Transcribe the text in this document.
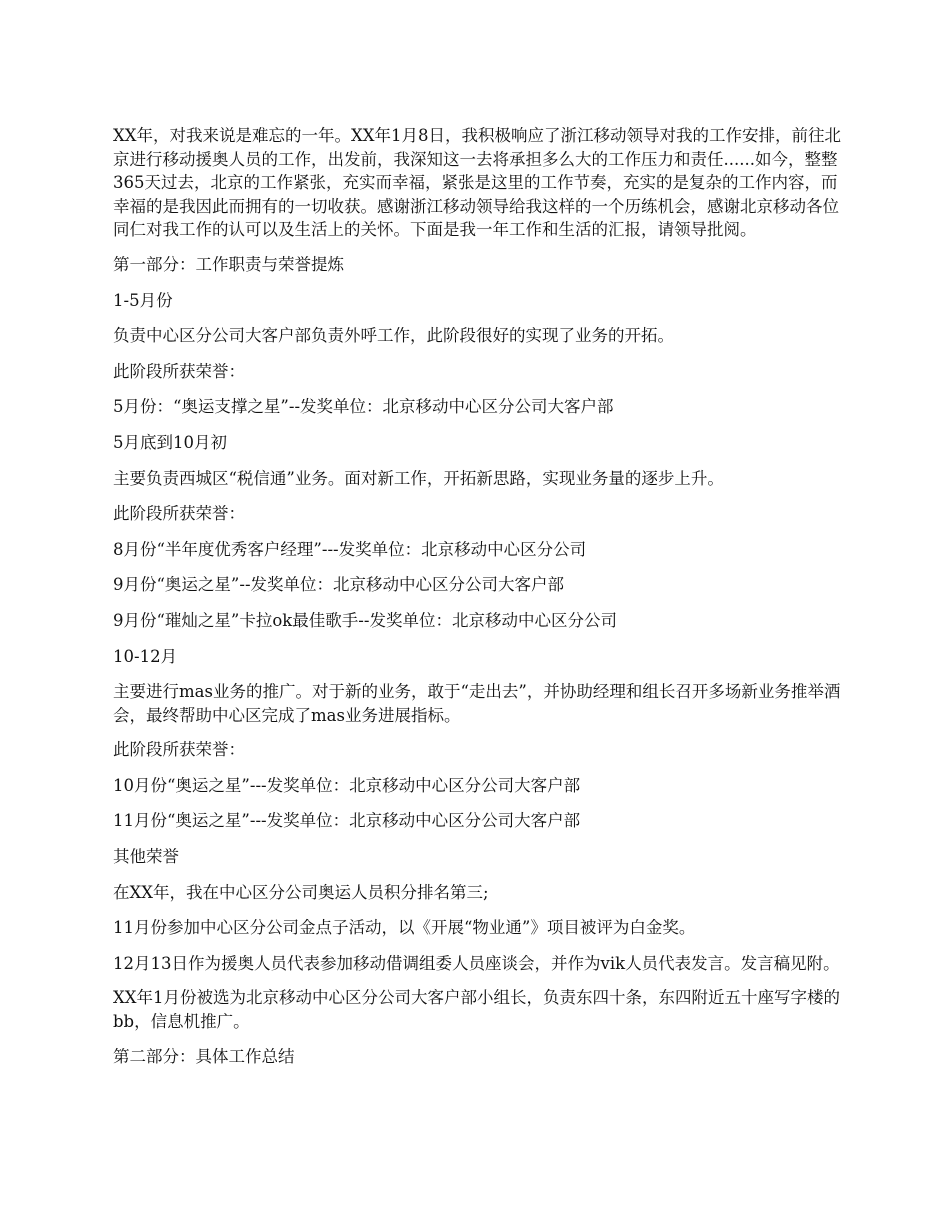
XX年，对我来说是难忘的一年。XX年1月8日，我积极响应了浙江移动领导对我的工作安排，前往北京进行移动援奥人员的工作，出发前，我深知这一去将承担多么大的工作压力和责任......如今，整整365天过去，北京的工作紧张，充实而幸福，紧张是这里的工作节奏，充实的是复杂的工作内容，而幸福的是我因此而拥有的一切收获。感谢浙江移动领导给我这样的一个历练机会，感谢北京移动各位同仁对我工作的认可以及生活上的关怀。下面是我一年工作和生活的汇报，请领导批阅。

第一部分：工作职责与荣誉提炼

1-5月份

负责中心区分公司大客户部负责外呼工作，此阶段很好的实现了业务的开拓。

此阶段所获荣誉：

5月份：“奥运支撑之星”--发奖单位：北京移动中心区分公司大客户部

5月底到10月初

主要负责西城区“税信通”业务。面对新工作，开拓新思路，实现业务量的逐步上升。

此阶段所获荣誉：

8月份“半年度优秀客户经理”---发奖单位：北京移动中心区分公司

9月份“奥运之星”--发奖单位：北京移动中心区分公司大客户部

9月份“璀灿之星”卡拉ok最佳歌手--发奖单位：北京移动中心区分公司

10-12月

主要进行mas业务的推广。对于新的业务，敢于“走出去”，并协助经理和组长召开多场新业务推举酒会，最终帮助中心区完成了mas业务进展指标。

此阶段所获荣誉：

10月份“奥运之星”---发奖单位：北京移动中心区分公司大客户部

11月份“奥运之星”---发奖单位：北京移动中心区分公司大客户部

其他荣誉

在XX年，我在中心区分公司奥运人员积分排名第三;

11月份参加中心区分公司金点子活动，以《开展“物业通”》项目被评为白金奖。

12月13日作为援奥人员代表参加移动借调组委人员座谈会，并作为vik人员代表发言。发言稿见附。

XX年1月份被选为北京移动中心区分公司大客户部小组长，负责东四十条，东四附近五十座写字楼的bb，信息机推广。

第二部分：具体工作总结
